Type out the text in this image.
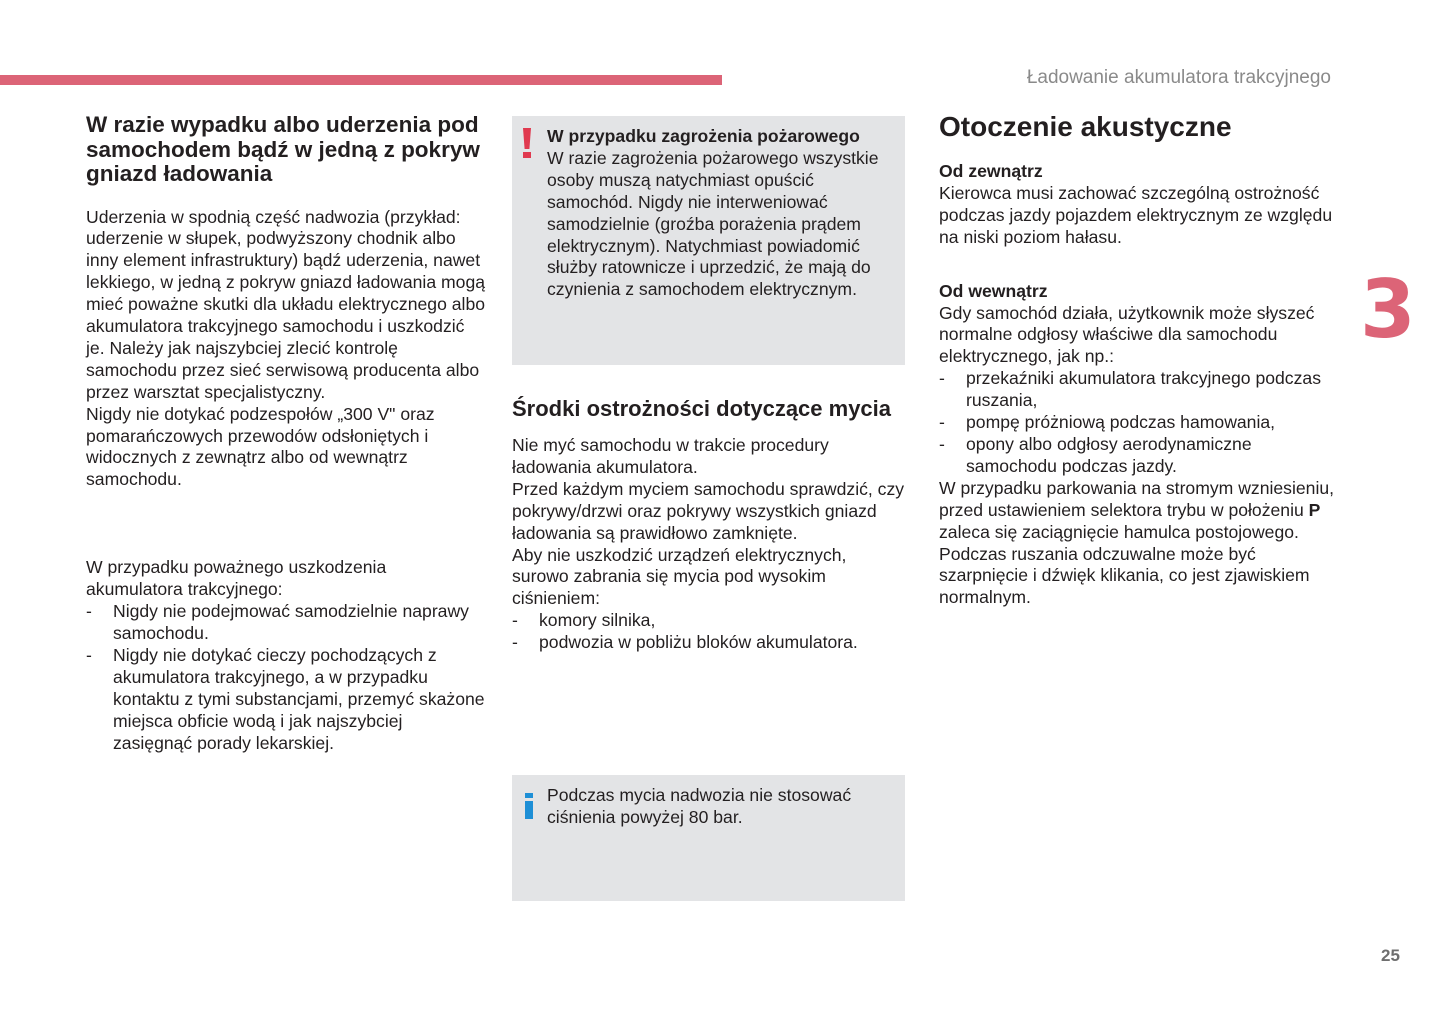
Ładowanie akumulatora trakcyjnego
3
25
W razie wypadku albo uderzenia pod samochodem bądź w jedną z pokryw gniazd ładowania

Uderzenia w spodnią część nadwozia (przykład: uderzenie w słupek, podwyższony chodnik albo inny element infrastruktury) bądź uderzenia, nawet lekkiego, w jedną z pokryw gniazd ładowania mogą mieć poważne skutki dla układu elektrycznego albo akumulatora trakcyjnego samochodu i uszkodzić je. Należy jak najszybciej zlecić kontrolę samochodu przez sieć serwisową producenta albo przez warsztat specjalistyczny.

Nigdy nie dotykać podzespołów „300 V" oraz pomarańczowych przewodów odsłoniętych i widocznych z zewnątrz albo od wewnątrz samochodu.

W przypadku poważnego uszkodzenia akumulatora trakcyjnego:

- Nigdy nie podejmować samodzielnie naprawy samochodu.
- Nigdy nie dotykać cieczy pochodzących z akumulatora trakcyjnego, a w przypadku kontaktu z tymi substancjami, przemyć skażone miejsca obficie wodą i jak najszybciej zasięgnąć porady lekarskiej.
W przypadku zagrożenia pożarowego

W razie zagrożenia pożarowego wszystkie osoby muszą natychmiast opuścić samochód. Nigdy nie interweniować samodzielnie (groźba porażenia prądem elektrycznym). Natychmiast powiadomić służby ratownicze i uprzedzić, że mają do czynienia z samochodem elektrycznym.

Środki ostrożności dotyczące mycia

Nie myć samochodu w trakcie procedury ładowania akumulatora.

Przed każdym myciem samochodu sprawdzić, czy pokrywy/drzwi oraz pokrywy wszystkich gniazd ładowania są prawidłowo zamknięte.

Aby nie uszkodzić urządzeń elektrycznych, surowo zabrania się mycia pod wysokim ciśnieniem:

- komory silnika,
- podwozia w pobliżu bloków akumulatora.

Podczas mycia nadwozia nie stosować ciśnienia powyżej 80 bar.

Otoczenie akustyczne
Od zewnątrz

Kierowca musi zachować szczególną ostrożność podczas jazdy pojazdem elektrycznym ze względu na niski poziom hałasu.

Od wewnątrz

Gdy samochód działa, użytkownik może słyszeć normalne odgłosy właściwe dla samochodu elektrycznego, jak np.:

- przekaźniki akumulatora trakcyjnego podczas ruszania,
- pompę próżniową podczas hamowania,
- opony albo odgłosy aerodynamiczne samochodu podczas jazdy.

W przypadku parkowania na stromym wzniesieniu, przed ustawieniem selektora trybu w położeniu P zaleca się zaciągnięcie hamulca postojowego. Podczas ruszania odczuwalne może być szarpnięcie i dźwięk klikania, co jest zjawiskiem normalnym.
